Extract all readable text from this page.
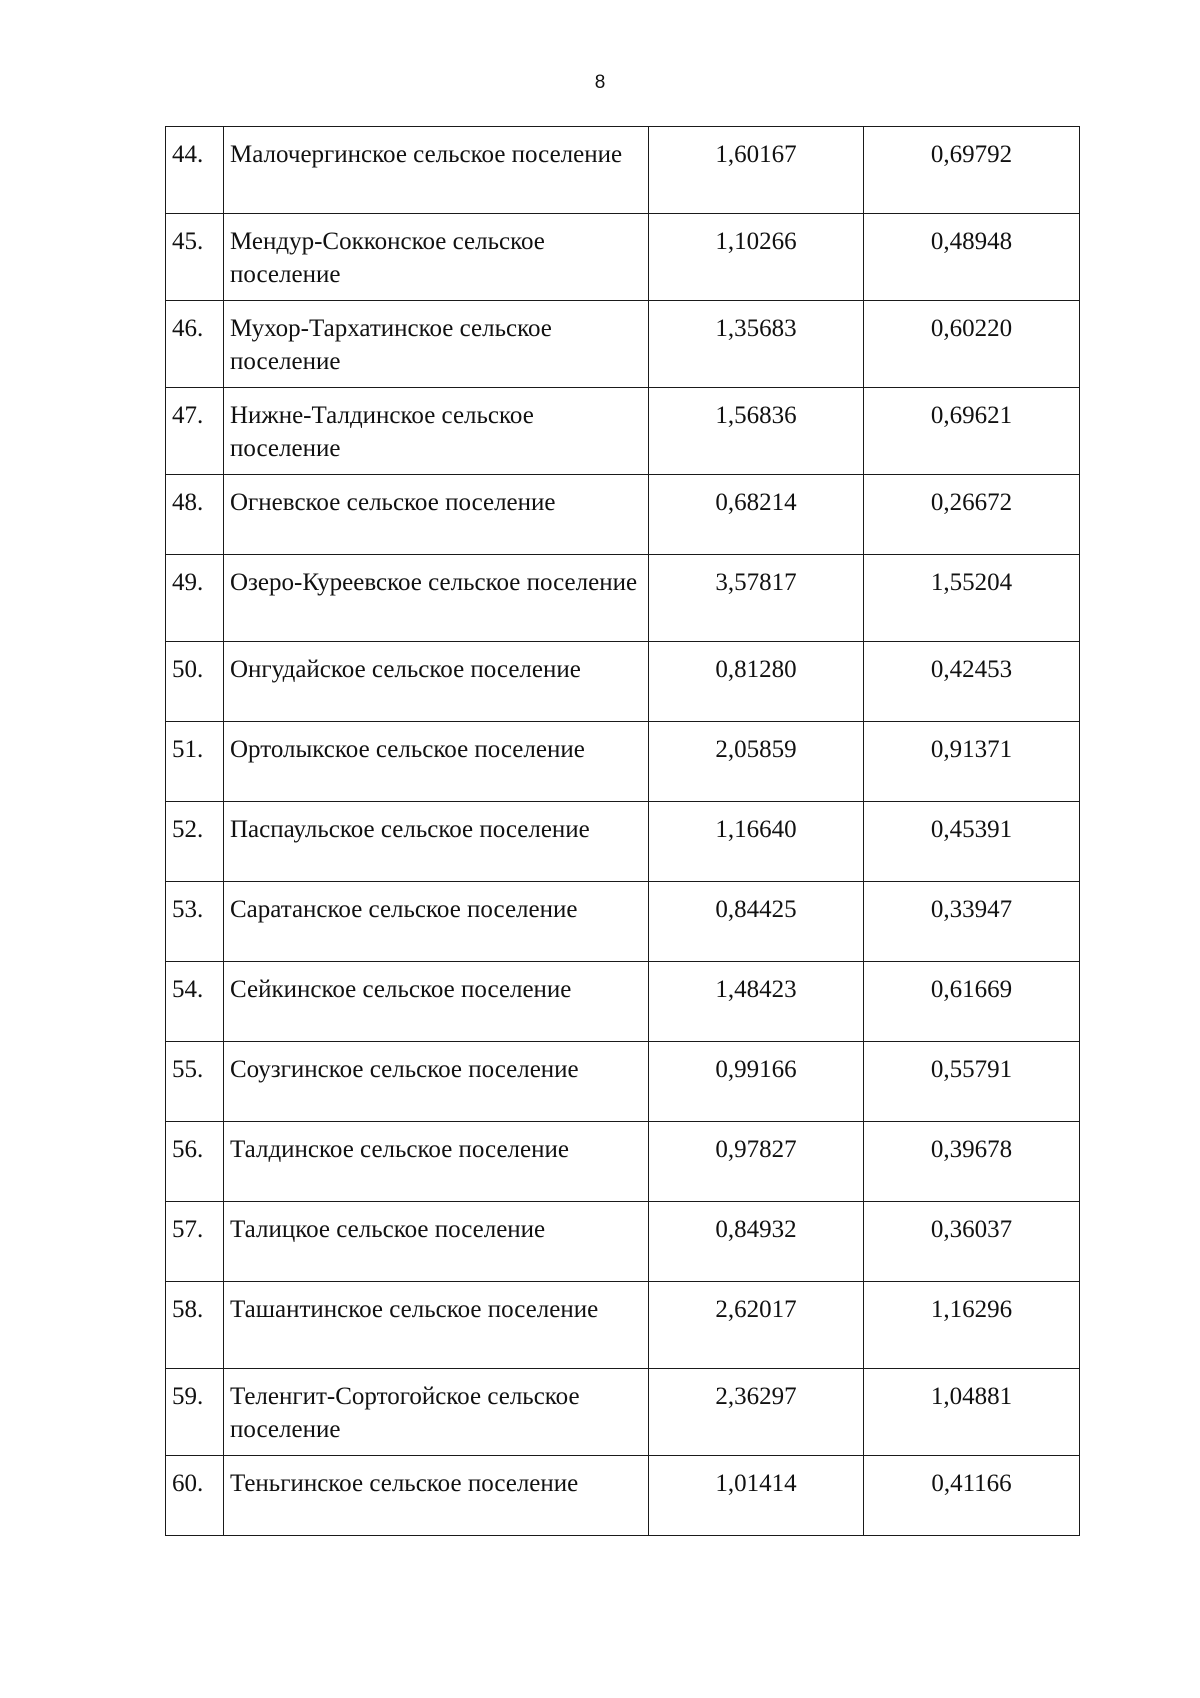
8
44.	Малочергинское сельское поселение	1,60167	0,69792
45.	Мендур-Сокконское сельское поселение	1,10266	0,48948
46.	Мухор-Тархатинское сельское поселение	1,35683	0,60220
47.	Нижне-Талдинское сельское поселение	1,56836	0,69621
48.	Огневское сельское поселение	0,68214	0,26672
49.	Озеро-Куреевское сельское поселение	3,57817	1,55204
50.	Онгудайское сельское поселение	0,81280	0,42453
51.	Ортолыкское сельское поселение	2,05859	0,91371
52.	Паспаульское сельское поселение	1,16640	0,45391
53.	Саратанское сельское поселение	0,84425	0,33947
54.	Сейкинское сельское поселение	1,48423	0,61669
55.	Соузгинское сельское поселение	0,99166	0,55791
56.	Талдинское сельское поселение	0,97827	0,39678
57.	Талицкое сельское поселение	0,84932	0,36037
58.	Ташантинское сельское поселение	2,62017	1,16296
59.	Теленгит-Сортогойское сельское поселение	2,36297	1,04881
60.	Теньгинское сельское поселение	1,01414	0,41166
